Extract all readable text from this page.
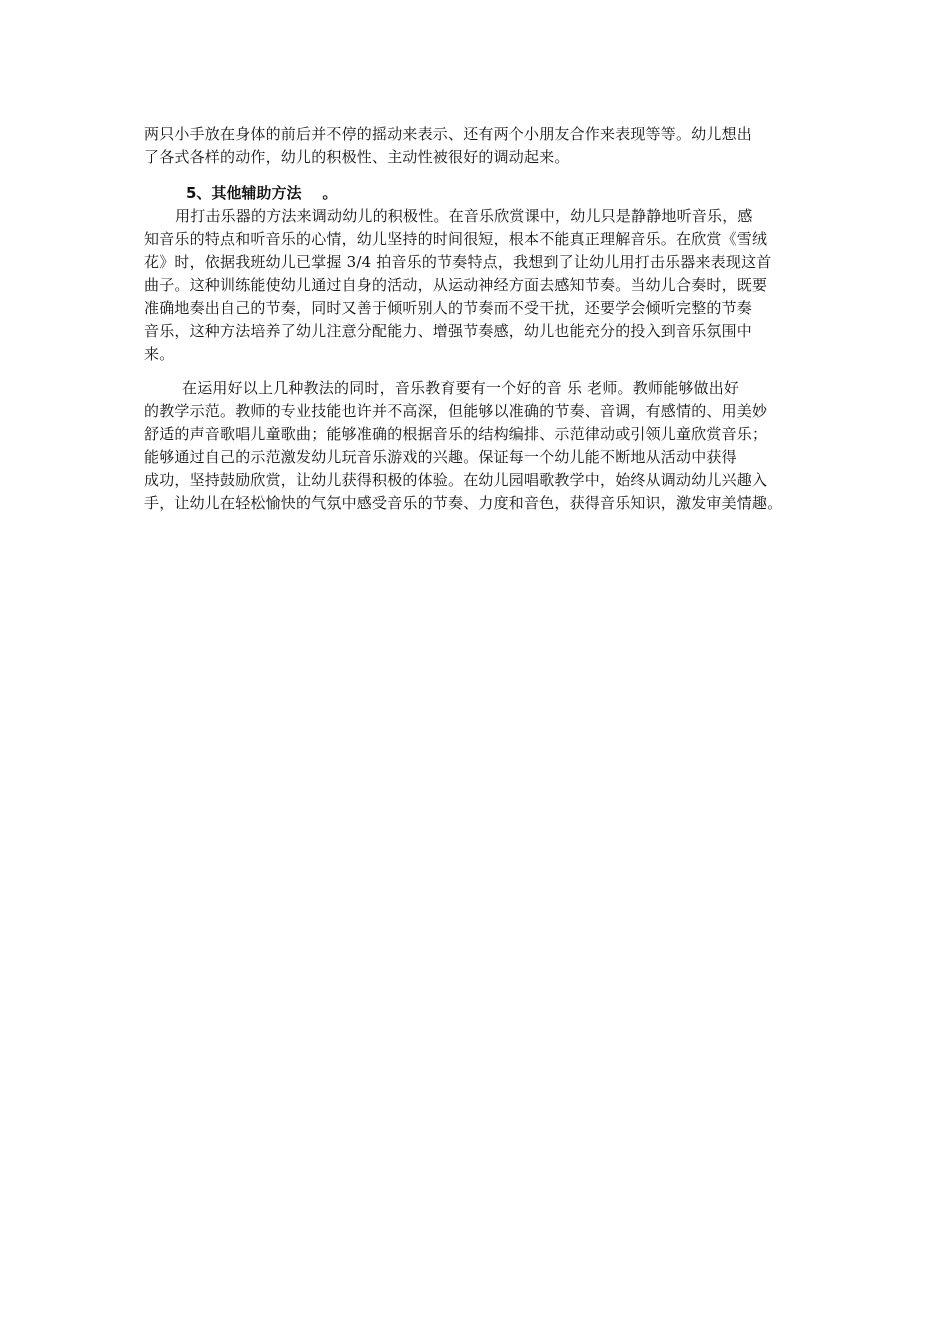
两只小手放在身体的前后并不停的摇动来表示、还有两个小朋友合作来表现等等。幼儿想出
了各式各样的动作，幼儿的积极性、主动性被很好的调动起来。
5、其他辅助方法    。
用打击乐器的方法来调动幼儿的积极性。在音乐欣赏课中，幼儿只是静静地听音乐，感
知音乐的特点和听音乐的心情，幼儿坚持的时间很短，根本不能真正理解音乐。在欣赏《雪绒
花》时，依据我班幼儿已掌握 3/4 拍音乐的节奏特点，我想到了让幼儿用打击乐器来表现这首
曲子。这种训练能使幼儿通过自身的活动，从运动神经方面去感知节奏。当幼儿合奏时，既要
准确地奏出自己的节奏，同时又善于倾听别人的节奏而不受干扰，还要学会倾听完整的节奏
音乐，这种方法培养了幼儿注意分配能力、增强节奏感，幼儿也能充分的投入到音乐氛围中
来。
在运用好以上几种教法的同时，音乐教育要有一个好的音 乐 老师。教师能够做出好
的教学示范。教师的专业技能也许并不高深，但能够以准确的节奏、音调，有感情的、用美妙
舒适的声音歌唱儿童歌曲；能够准确的根据音乐的结构编排、示范律动或引领儿童欣赏音乐；
能够通过自己的示范激发幼儿玩音乐游戏的兴趣。保证每一个幼儿能不断地从活动中获得
成功，坚持鼓励欣赏，让幼儿获得积极的体验。在幼儿园唱歌教学中，始终从调动幼儿兴趣入
手，让幼儿在轻松愉快的气氛中感受音乐的节奏、力度和音色，获得音乐知识，激发审美情趣。
